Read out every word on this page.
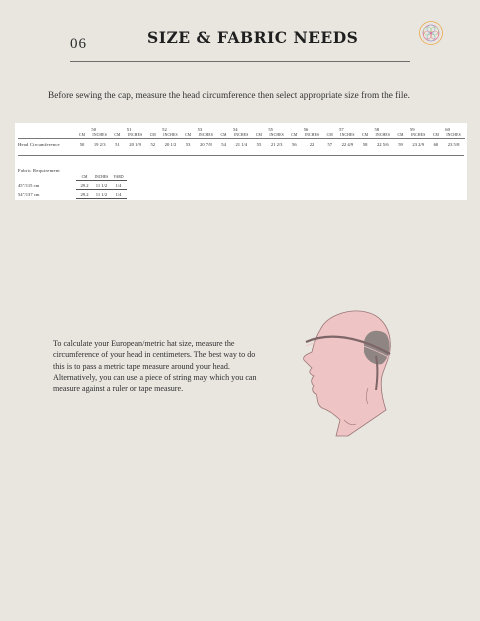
06	SIZE & FABRIC NEEDS
Before sewing the cap, measure the head circumference then select appropriate size from the file.
	50		51		52		53		54		55		56		57		58		59		60	
	CM	INCHES	CM	INCHES	CM	INCHES	CM	INCHES	CM	INCHES	CM	INCHES	CM	INCHES	CM	INCHES	CM	INCHES	CM	INCHES	CM	INCHES
Head Circumference	50	19 2/3	51	20 1/9	52	20 1/2	53	20 7/8	54	21 1/4	55	21 2/3	56	22	57	22 4/9	58	22 5/6	59	23 2/9	60	23 5/8
Fabric Requirement
	CM	INCHES	YARD
45"/115 cm	29.2	11 1/2	1/4
54"/137 cm	29.2	11 1/2	1/4
To calculate your European/metric hat size, measure the circumference of your head in centimeters. The best way to do this is to pass a metric tape measure around your head. Alternatively, you can use a piece of string may which you can measure against a ruler or tape measure.
